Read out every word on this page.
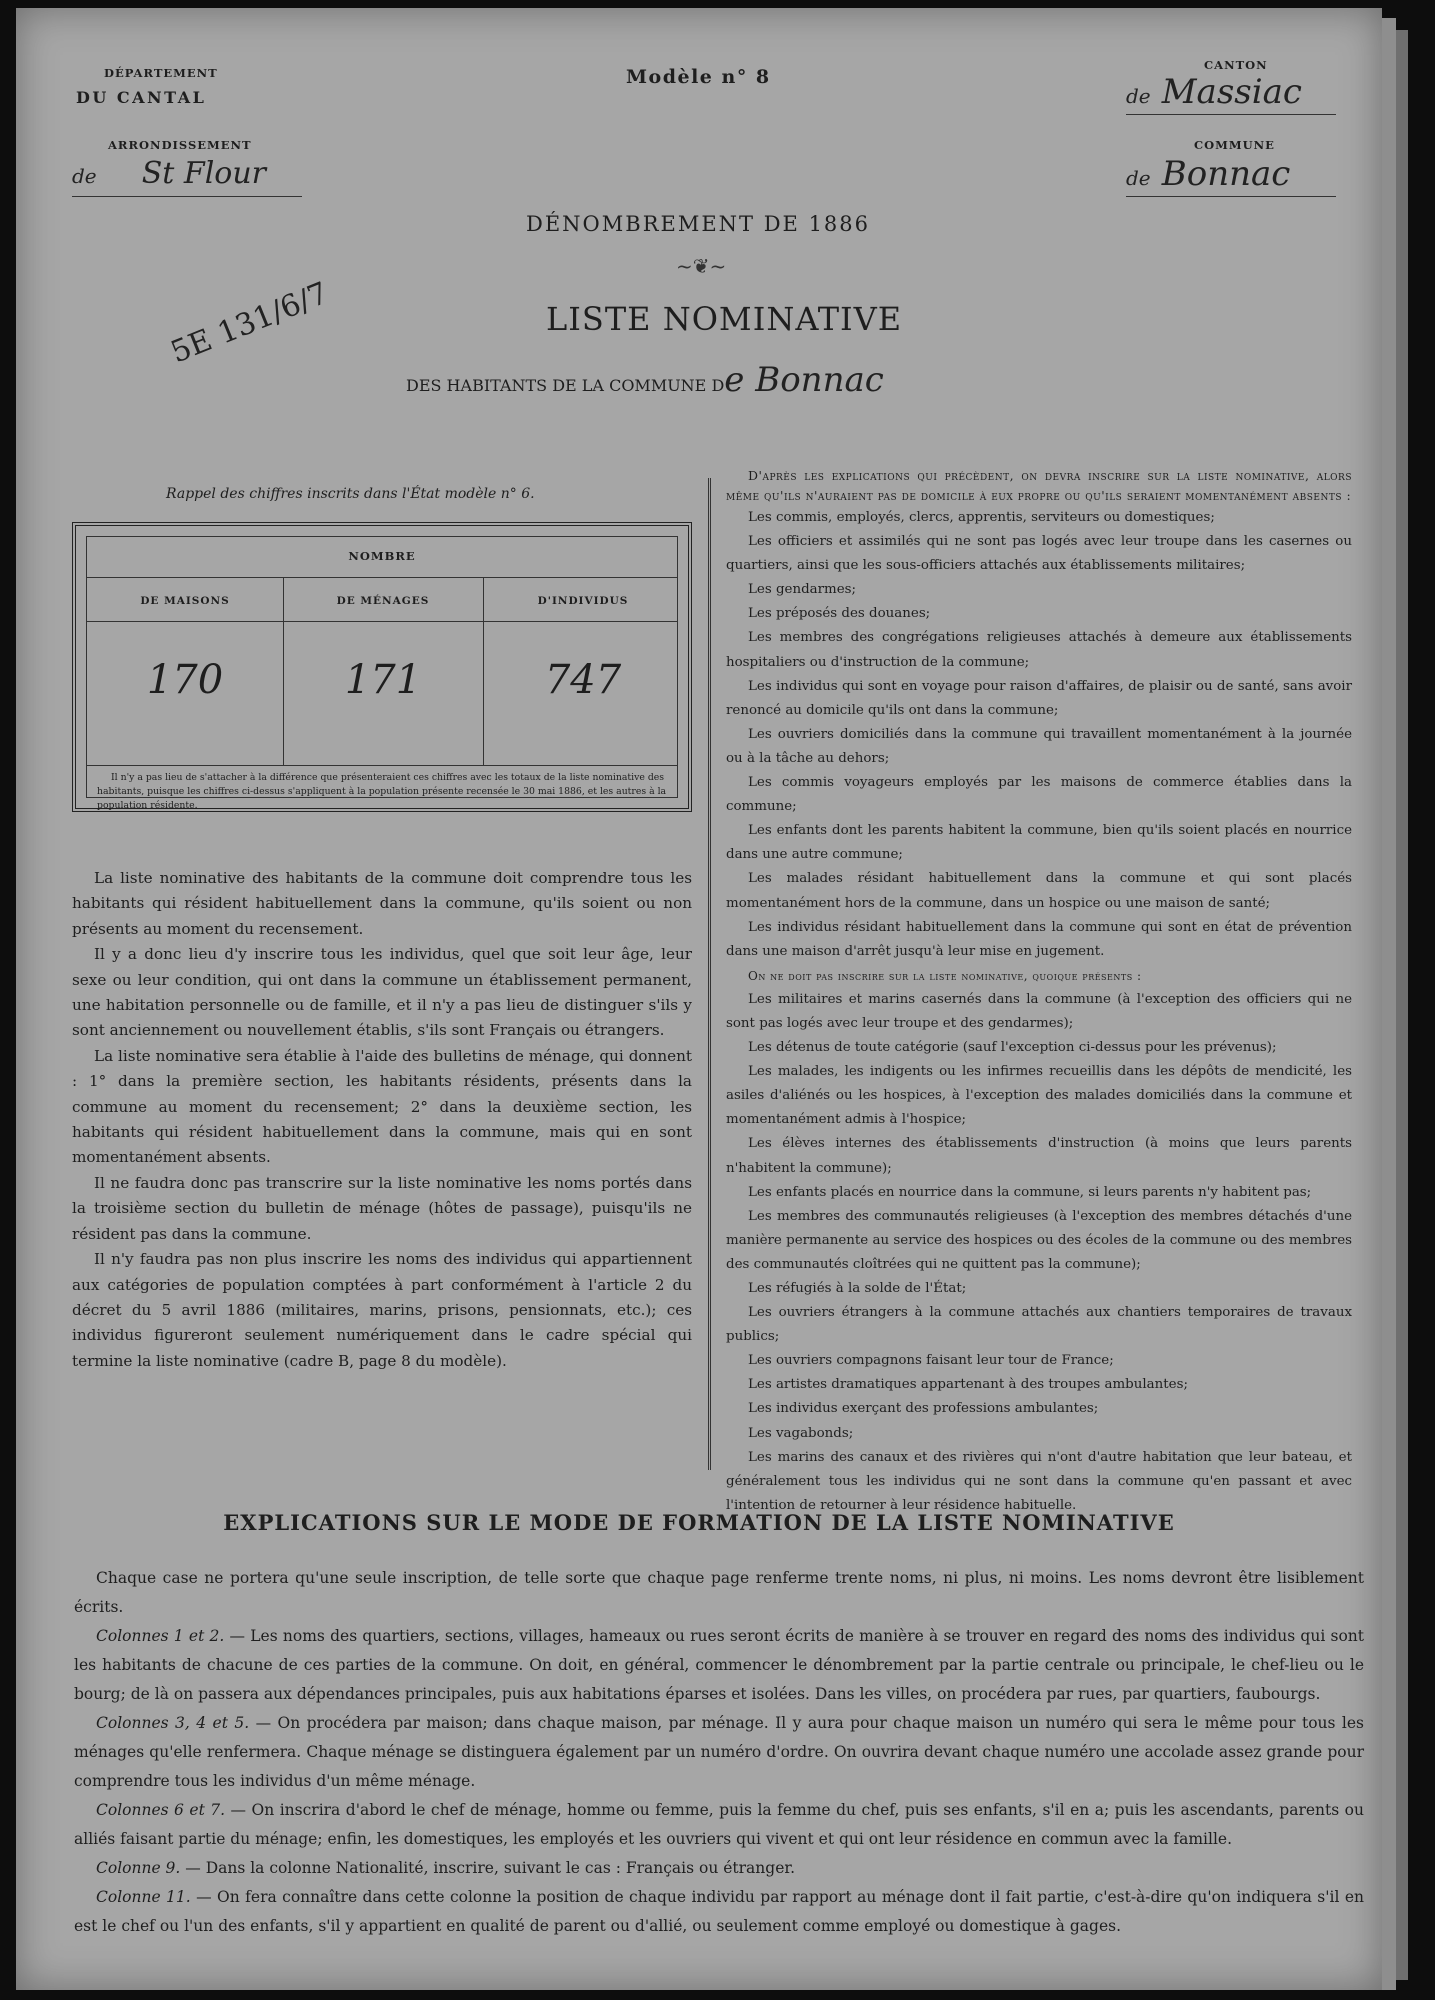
DÉPARTEMENT
DU CANTAL
ARRONDISSEMENT
de St Flour
Modèle n° 8
CANTON
de Massiac
COMMUNE
de Bonnac
DÉNOMBREMENT DE 1886
~❦~
LISTE NOMINATIVE
DES HABITANTS DE LA COMMUNE De Bonnac
5E 131/6/7
Rappel des chiffres inscrits dans l'État modèle n° 6.
NOMBRE
DE MAISONS	DE MÉNAGES	D'INDIVIDUS
170	171	747
Il n'y a pas lieu de s'attacher à la différence que présenteraient ces chiffres avec les totaux de la liste nominative des habitants, puisque les chiffres ci-dessus s'appliquent à la population présente recensée le 30 mai 1886, et les autres à la population résidente.

La liste nominative des habitants de la commune doit comprendre tous les habitants qui résident habituellement dans la commune, qu'ils soient ou non présents au moment du recensement.

Il y a donc lieu d'y inscrire tous les individus, quel que soit leur âge, leur sexe ou leur condition, qui ont dans la commune un établissement permanent, une habitation personnelle ou de famille, et il n'y a pas lieu de distinguer s'ils y sont anciennement ou nouvellement établis, s'ils sont Français ou étrangers.

La liste nominative sera établie à l'aide des bulletins de ménage, qui donnent : 1° dans la première section, les habitants résidents, présents dans la commune au moment du recensement; 2° dans la deuxième section, les habitants qui résident habituellement dans la commune, mais qui en sont momentanément absents.

Il ne faudra donc pas transcrire sur la liste nominative les noms portés dans la troisième section du bulletin de ménage (hôtes de passage), puisqu'ils ne résident pas dans la commune.

Il n'y faudra pas non plus inscrire les noms des individus qui appartiennent aux catégories de population comptées à part conformément à l'article 2 du décret du 5 avril 1886 (militaires, marins, prisons, pensionnats, etc.); ces individus figureront seulement numériquement dans le cadre spécial qui termine la liste nominative (cadre B, page 8 du modèle).

D'après les explications qui précèdent, on devra inscrire sur la liste nominative, alors même qu'ils n'auraient pas de domicile à eux propre ou qu'ils seraient momentanément absents :

Les commis, employés, clercs, apprentis, serviteurs ou domestiques;

Les officiers et assimilés qui ne sont pas logés avec leur troupe dans les casernes ou quartiers, ainsi que les sous-officiers attachés aux établissements militaires;

Les gendarmes;

Les préposés des douanes;

Les membres des congrégations religieuses attachés à demeure aux établissements hospitaliers ou d'instruction de la commune;

Les individus qui sont en voyage pour raison d'affaires, de plaisir ou de santé, sans avoir renoncé au domicile qu'ils ont dans la commune;

Les ouvriers domiciliés dans la commune qui travaillent momentanément à la journée ou à la tâche au dehors;

Les commis voyageurs employés par les maisons de commerce établies dans la commune;

Les enfants dont les parents habitent la commune, bien qu'ils soient placés en nourrice dans une autre commune;

Les malades résidant habituellement dans la commune et qui sont placés momentanément hors de la commune, dans un hospice ou une maison de santé;

Les individus résidant habituellement dans la commune qui sont en état de prévention dans une maison d'arrêt jusqu'à leur mise en jugement.

On ne doit pas inscrire sur la liste nominative, quoique présents :

Les militaires et marins casernés dans la commune (à l'exception des officiers qui ne sont pas logés avec leur troupe et des gendarmes);

Les détenus de toute catégorie (sauf l'exception ci-dessus pour les prévenus);

Les malades, les indigents ou les infirmes recueillis dans les dépôts de mendicité, les asiles d'aliénés ou les hospices, à l'exception des malades domiciliés dans la commune et momentanément admis à l'hospice;

Les élèves internes des établissements d'instruction (à moins que leurs parents n'habitent la commune);

Les enfants placés en nourrice dans la commune, si leurs parents n'y habitent pas;

Les membres des communautés religieuses (à l'exception des membres détachés d'une manière permanente au service des hospices ou des écoles de la commune ou des membres des communautés cloîtrées qui ne quittent pas la commune);

Les réfugiés à la solde de l'État;

Les ouvriers étrangers à la commune attachés aux chantiers temporaires de travaux publics;

Les ouvriers compagnons faisant leur tour de France;

Les artistes dramatiques appartenant à des troupes ambulantes;

Les individus exerçant des professions ambulantes;

Les vagabonds;

Les marins des canaux et des rivières qui n'ont d'autre habitation que leur bateau, et généralement tous les individus qui ne sont dans la commune qu'en passant et avec l'intention de retourner à leur résidence habituelle.

EXPLICATIONS SUR LE MODE DE FORMATION DE LA LISTE NOMINATIVE

Chaque case ne portera qu'une seule inscription, de telle sorte que chaque page renferme trente noms, ni plus, ni moins. Les noms devront être lisiblement écrits.

Colonnes 1 et 2. — Les noms des quartiers, sections, villages, hameaux ou rues seront écrits de manière à se trouver en regard des noms des individus qui sont les habitants de chacune de ces parties de la commune. On doit, en général, commencer le dénombrement par la partie centrale ou principale, le chef-lieu ou le bourg; de là on passera aux dépendances principales, puis aux habitations éparses et isolées. Dans les villes, on procédera par rues, par quartiers, faubourgs.

Colonnes 3, 4 et 5. — On procédera par maison; dans chaque maison, par ménage. Il y aura pour chaque maison un numéro qui sera le même pour tous les ménages qu'elle renfermera. Chaque ménage se distinguera également par un numéro d'ordre. On ouvrira devant chaque numéro une accolade assez grande pour comprendre tous les individus d'un même ménage.

Colonnes 6 et 7. — On inscrira d'abord le chef de ménage, homme ou femme, puis la femme du chef, puis ses enfants, s'il en a; puis les ascendants, parents ou alliés faisant partie du ménage; enfin, les domestiques, les employés et les ouvriers qui vivent et qui ont leur résidence en commun avec la famille.

Colonne 9. — Dans la colonne Nationalité, inscrire, suivant le cas : Français ou étranger.

Colonne 11. — On fera connaître dans cette colonne la position de chaque individu par rapport au ménage dont il fait partie, c'est-à-dire qu'on indiquera s'il en est le chef ou l'un des enfants, s'il y appartient en qualité de parent ou d'allié, ou seulement comme employé ou domestique à gages.
